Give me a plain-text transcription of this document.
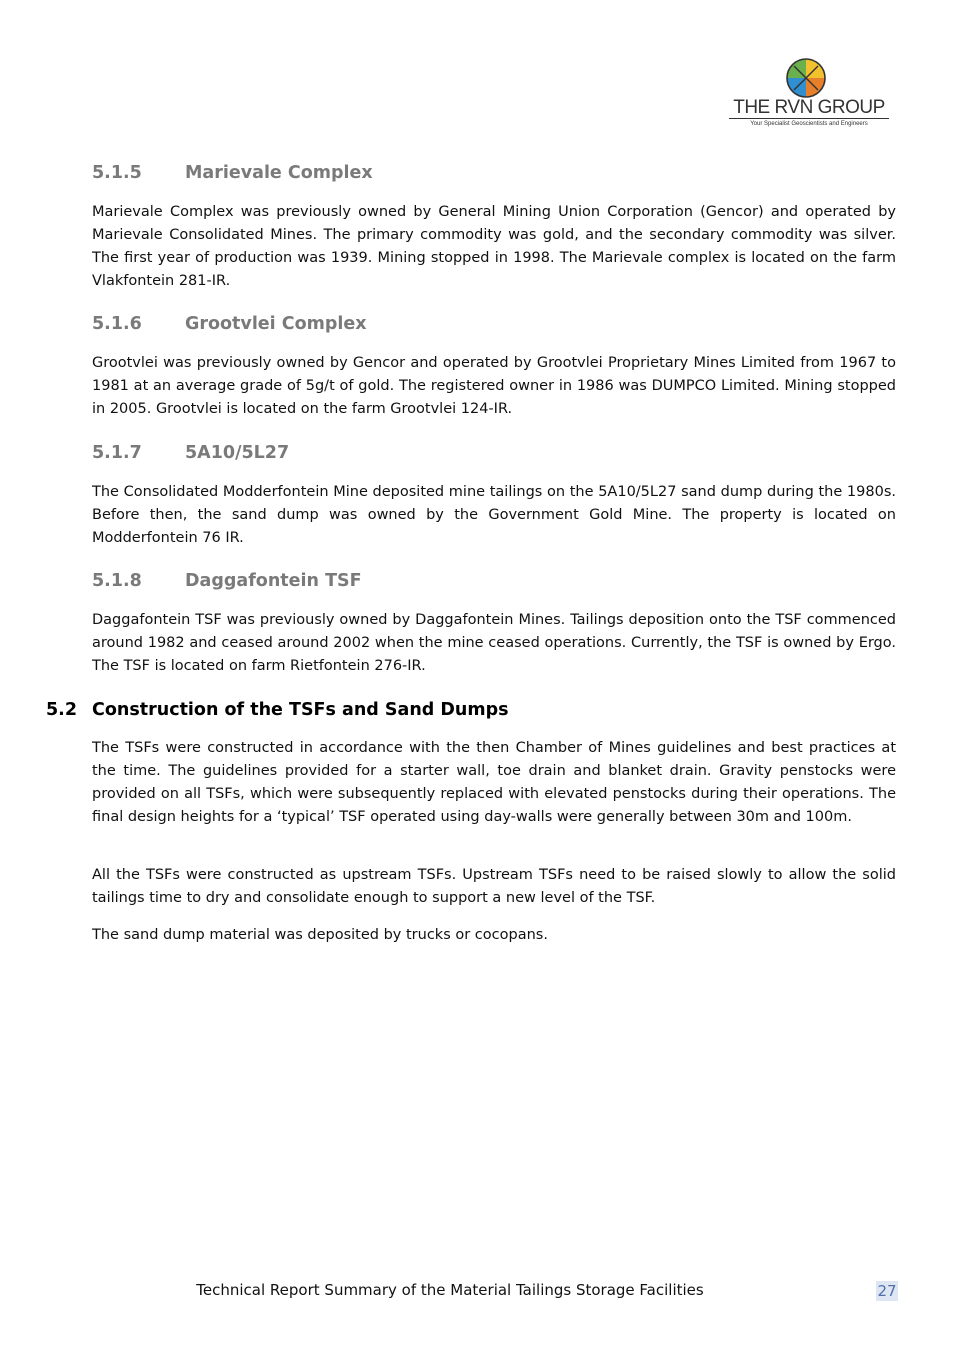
THE RVN GROUP
Your Specialist Geoscientists and Engineers
5.1.5 Marievale Complex
Marievale Complex was previously owned by General Mining Union Corporation (Gencor) and operated by Marievale Consolidated Mines. The primary commodity was gold, and the secondary commodity was silver. The first year of production was 1939. Mining stopped in 1998. The Marievale complex is located on the farm Vlakfontein 281-IR.
5.1.6 Grootvlei Complex
Grootvlei was previously owned by Gencor and operated by Grootvlei Proprietary Mines Limited from 1967 to 1981 at an average grade of 5g/t of gold. The registered owner in 1986 was DUMPCO Limited. Mining stopped in 2005. Grootvlei is located on the farm Grootvlei 124-IR.
5.1.7 5A10/5L27
The Consolidated Modderfontein Mine deposited mine tailings on the 5A10/5L27 sand dump during the 1980s. Before then, the sand dump was owned by the Government Gold Mine. The property is located on Modderfontein 76 IR.
5.1.8 Daggafontein TSF
Daggafontein TSF was previously owned by Daggafontein Mines. Tailings deposition onto the TSF commenced around 1982 and ceased around 2002 when the mine ceased operations. Currently, the TSF is owned by Ergo. The TSF is located on farm Rietfontein 276-IR.
5.2 Construction of the TSFs and Sand Dumps
The TSFs were constructed in accordance with the then Chamber of Mines guidelines and best practices at the time. The guidelines provided for a starter wall, toe drain and blanket drain. Gravity penstocks were provided on all TSFs, which were subsequently replaced with elevated penstocks during their operations. The final design heights for a ‘typical’ TSF operated using day-walls were generally between 30m and 100m.
All the TSFs were constructed as upstream TSFs. Upstream TSFs need to be raised slowly to allow the solid tailings time to dry and consolidate enough to support a new level of the TSF.
The sand dump material was deposited by trucks or cocopans.
Technical Report Summary of the Material Tailings Storage Facilities	27
